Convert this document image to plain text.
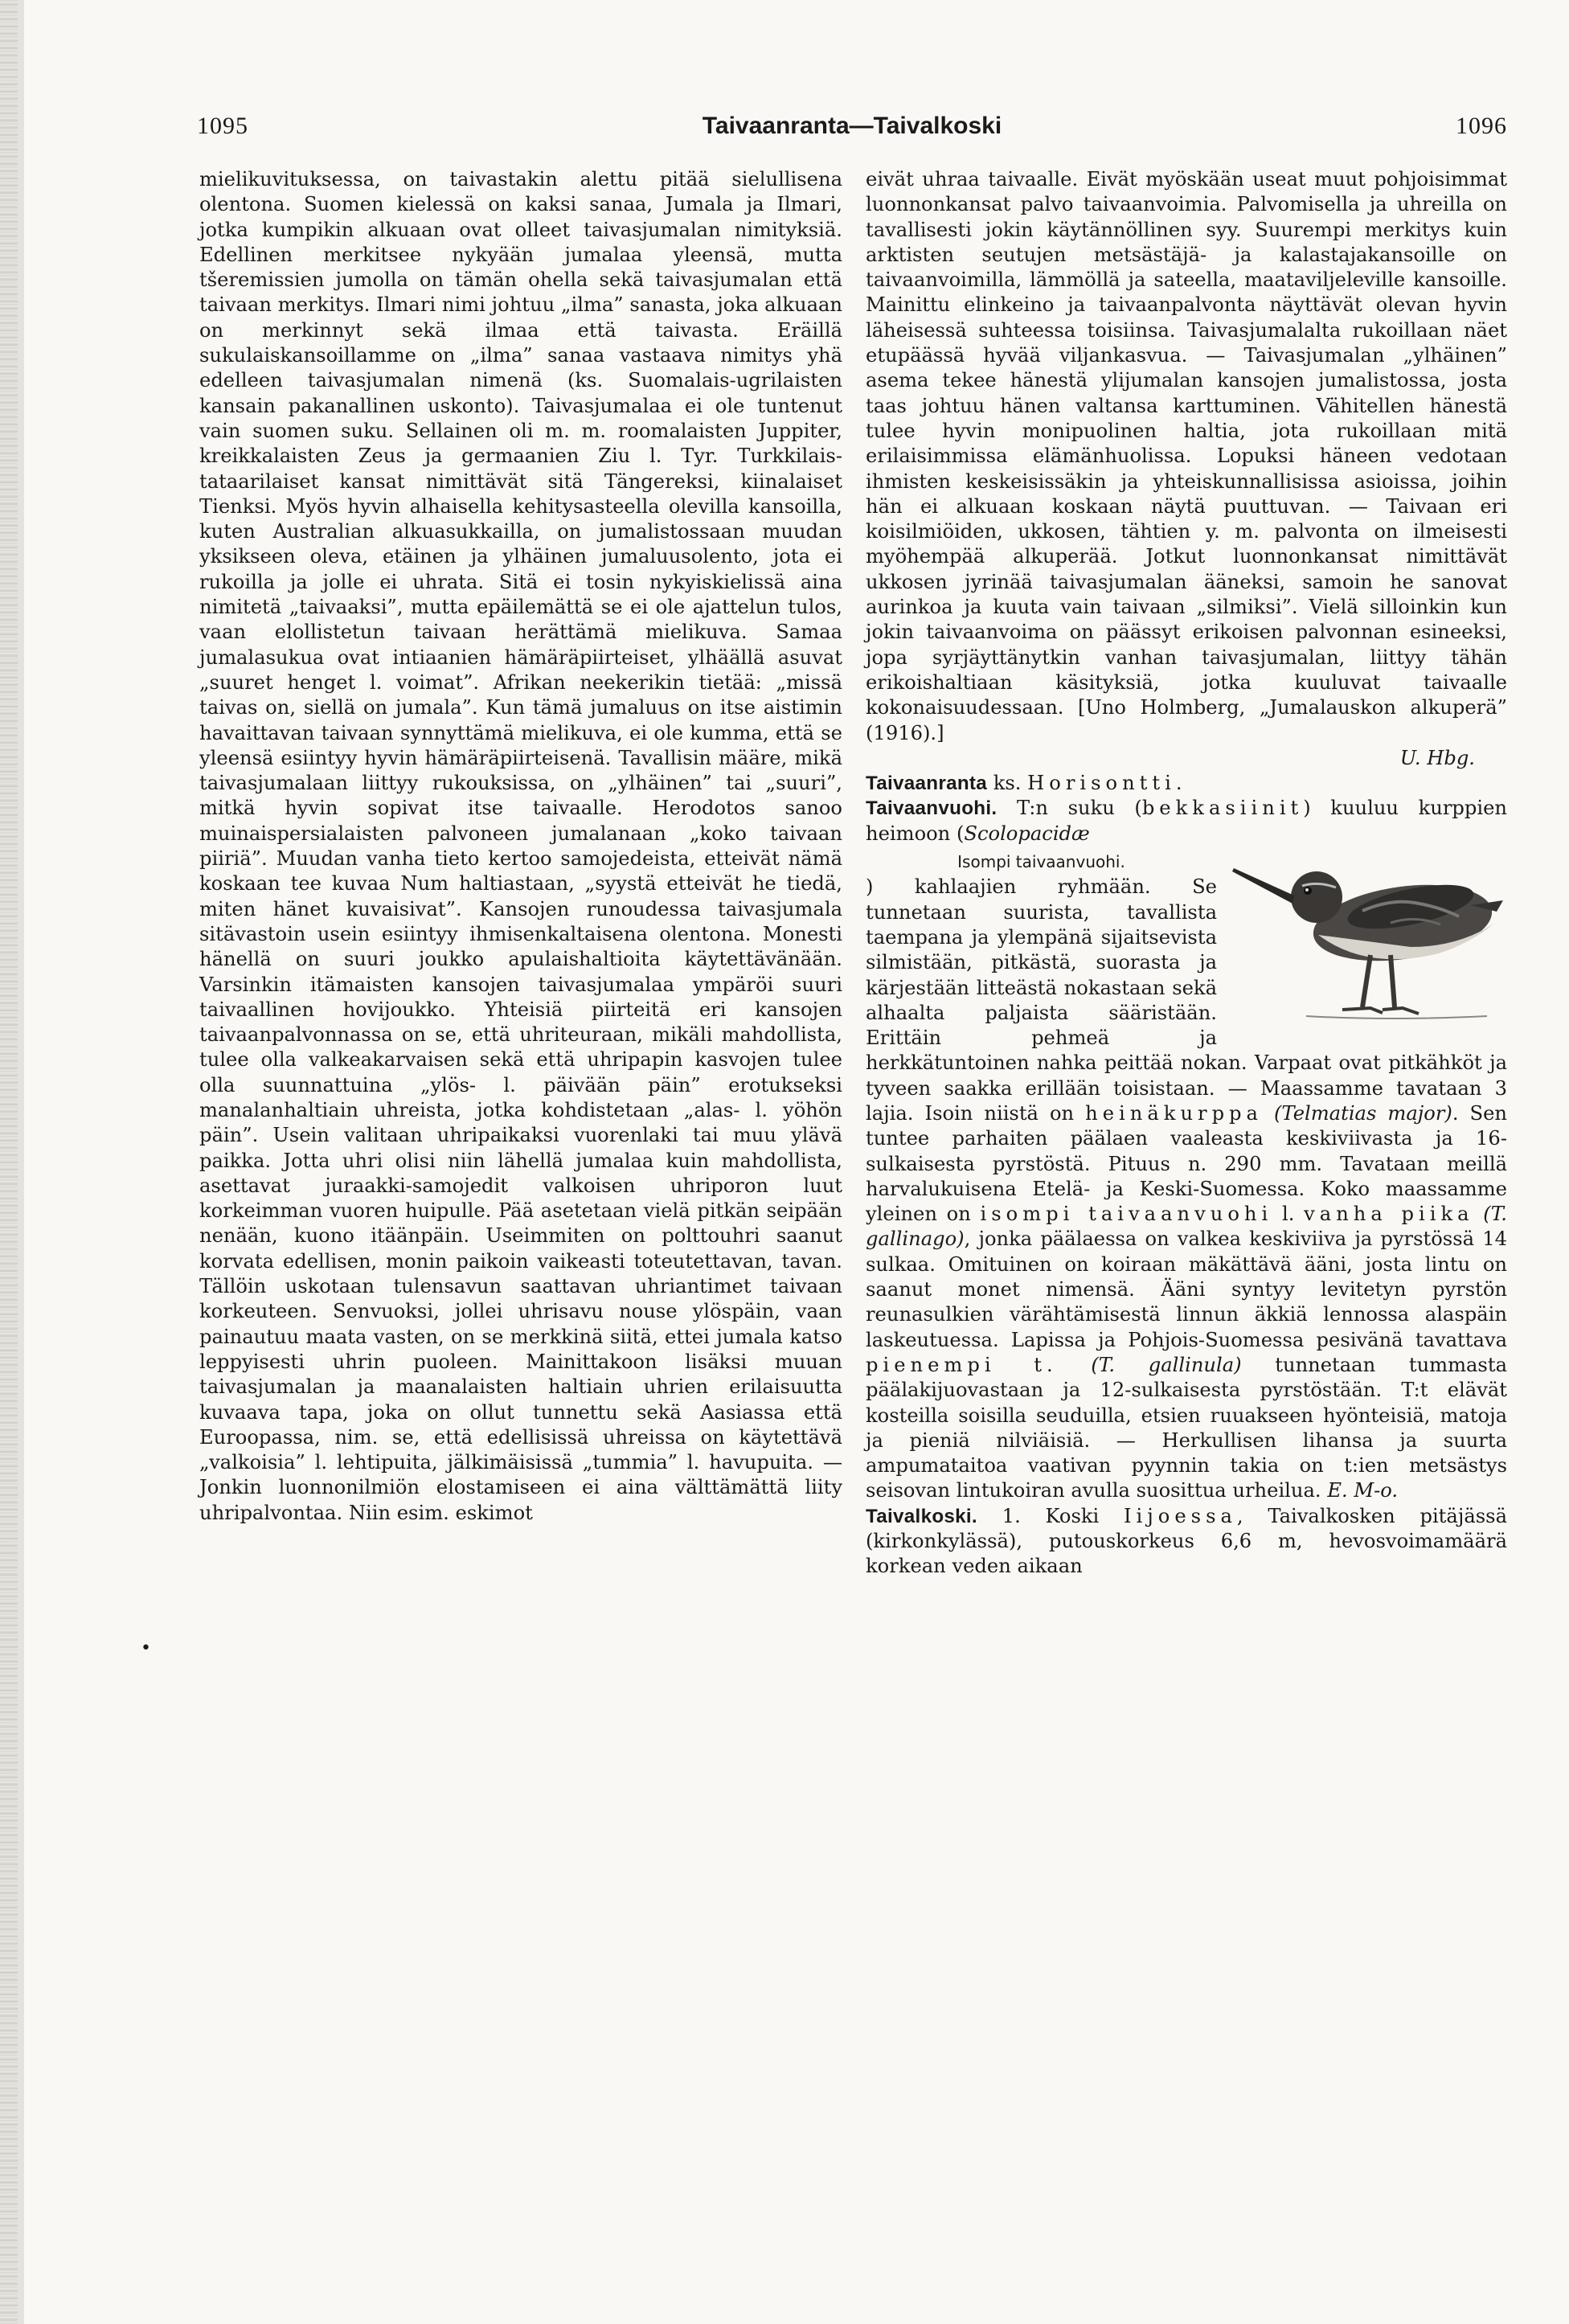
1095	Taivaanranta—Taivalkoski	1096
•

mielikuvituksessa, on taivastakin alettu pitää sielullisena olentona. Suomen kielessä on kaksi sanaa, Jumala ja Ilmari, jotka kumpikin alkuaan ovat olleet taivasjumalan nimityksiä. Edellinen merkitsee nykyään jumalaa yleensä, mutta tšeremissien jumolla on tämän ohella sekä taivasjumalan että taivaan merkitys. Ilmari nimi johtuu „ilma” sanasta, joka alkuaan on merkinnyt sekä ilmaa että taivasta. Eräillä sukulaiskansoillamme on „ilma” sanaa vastaava nimitys yhä edelleen taivasjumalan nimenä (ks. Suomalais-ugrilaisten kansain pakanallinen uskonto). Taivasjumalaa ei ole tuntenut vain suomen suku. Sellainen oli m. m. roomalaisten Juppiter, kreikkalaisten Zeus ja germaanien Ziu l. Tyr. Turkkilais-tataarilaiset kansat nimittävät sitä Tängereksi, kiinalaiset Tienksi. Myös hyvin alhaisella kehitysasteella olevilla kansoilla, kuten Australian alkuasukkailla, on jumalistossaan muudan yksikseen oleva, etäinen ja ylhäinen jumaluusolento, jota ei rukoilla ja jolle ei uhrata. Sitä ei tosin nykyiskielissä aina nimitetä „taivaaksi”, mutta epäilemättä se ei ole ajattelun tulos, vaan elollistetun taivaan herättämä mielikuva. Samaa jumalasukua ovat intiaanien hämäräpiirteiset, ylhäällä asuvat „suuret henget l. voimat”. Afrikan neekerikin tietää: „missä taivas on, siellä on jumala”. Kun tämä jumaluus on itse aistimin havaittavan taivaan synnyttämä mielikuva, ei ole kumma, että se yleensä esiintyy hyvin hämäräpiirteisenä. Tavallisin määre, mikä taivasjumalaan liittyy rukouksissa, on „ylhäinen” tai „suuri”, mitkä hyvin sopivat itse taivaalle. Herodotos sanoo muinaispersialaisten palvoneen jumalanaan „koko taivaan piiriä”. Muudan vanha tieto kertoo samojedeista, etteivät nämä koskaan tee kuvaa Num haltiastaan, „syystä etteivät he tiedä, miten hänet kuvaisivat”. Kansojen runoudessa taivasjumala sitävastoin usein esiintyy ihmisenkaltaisena olentona. Monesti hänellä on suuri joukko apulaishaltioita käytettävänään. Varsinkin itämaisten kansojen taivasjumalaa ympäröi suuri taivaallinen hovijoukko. Yhteisiä piirteitä eri kansojen taivaanpalvonnassa on se, että uhriteuraan, mikäli mahdollista, tulee olla valkeakarvaisen sekä että uhripapin kasvojen tulee olla suunnattuina „ylös- l. päivään päin” erotukseksi manalanhaltiain uhreista, jotka kohdistetaan „alas- l. yöhön päin”. Usein valitaan uhripaikaksi vuorenlaki tai muu ylävä paikka. Jotta uhri olisi niin lähellä jumalaa kuin mahdollista, asettavat juraakki-samojedit valkoisen uhriporon luut korkeimman vuoren huipulle. Pää asetetaan vielä pitkän seipään nenään, kuono itäänpäin. Useimmiten on polttouhri saanut korvata edellisen, monin paikoin vaikeasti toteutettavan, tavan. Tällöin uskotaan tulensavun saattavan uhriantimet taivaan korkeuteen. Senvuoksi, jollei uhrisavu nouse ylöspäin, vaan painautuu maata vasten, on se merkkinä siitä, ettei jumala katso leppyisesti uhrin puoleen. Mainittakoon lisäksi muuan taivasjumalan ja maanalaisten haltiain uhrien erilaisuutta kuvaava tapa, joka on ollut tunnettu sekä Aasiassa että Euroopassa, nim. se, että edellisissä uhreissa on käytettävä „valkoisia” l. lehtipuita, jälkimäisissä „tummia” l. havupuita. — Jonkin luonnonilmiön elostamiseen ei aina välttämättä liity uhripalvontaa. Niin esim. eskimot

eivät uhraa taivaalle. Eivät myöskään useat muut pohjoisimmat luonnonkansat palvo taivaanvoimia. Palvomisella ja uhreilla on tavallisesti jokin käytännöllinen syy. Suurempi merkitys kuin arktisten seutujen metsästäjä- ja kalastajakansoille on taivaanvoimilla, lämmöllä ja sateella, maataviljeleville kansoille. Mainittu elinkeino ja taivaanpalvonta näyttävät olevan hyvin läheisessä suhteessa toisiinsa. Taivasjumalalta rukoillaan näet etupäässä hyvää viljankasvua. — Taivasjumalan „ylhäinen” asema tekee hänestä ylijumalan kansojen jumalistossa, josta taas johtuu hänen valtansa karttuminen. Vähitellen hänestä tulee hyvin monipuolinen haltia, jota rukoillaan mitä erilaisimmissa elämänhuolissa. Lopuksi häneen vedotaan ihmisten keskeisissäkin ja yhteiskunnallisissa asioissa, joihin hän ei alkuaan koskaan näytä puuttuvan. — Taivaan eri koisilmiöiden, ukkosen, tähtien y. m. palvonta on ilmeisesti myöhempää alkuperää. Jotkut luonnonkansat nimittävät ukkosen jyrinää taivasjumalan ääneksi, samoin he sanovat aurinkoa ja kuuta vain taivaan „silmiksi”. Vielä silloinkin kun jokin taivaanvoima on päässyt erikoisen palvonnan esineeksi, jopa syrjäyttänytkin vanhan taivasjumalan, liittyy tähän erikoishaltiaan käsityksiä, jotka kuuluvat taivaalle kokonaisuudessaan. [Uno Holmberg, „Jumalauskon alkuperä” (1916).]

U. Hbg.

Taivaanranta ks. Horisontti.

Taivaanvuohi. T:n suku (bekkasiinit) kuuluu kurppien heimoon (Scolopacidæ

Isompi taivaanvuohi.
) kahlaajien ryhmään. Se tunnetaan suurista, tavallista taempana ja ylempänä sijaitsevista silmistään, pitkästä, suorasta ja kärjestään litteästä nokastaan sekä alhaalta paljaista sääristään. Erittäin pehmeä ja herkkätuntoinen nahka peittää nokan. Varpaat ovat pitkähköt ja tyveen saakka erillään toisistaan. — Maassamme tavataan 3 lajia. Isoin niistä on heinäkurppa (Telmatias major). Sen tuntee parhaiten päälaen vaaleasta keskiviivasta ja 16-sulkaisesta pyrstöstä. Pituus n. 290 mm. Tavataan meillä harvalukuisena Etelä- ja Keski-Suomessa. Koko maassamme yleinen on isompi taivaanvuohi l. vanha piika (T. gallinago), jonka päälaessa on valkea keskiviiva ja pyrstössä 14 sulkaa. Omituinen on koiraan mäkättävä ääni, josta lintu on saanut monet nimensä. Ääni syntyy levitetyn pyrstön reunasulkien värähtämisestä linnun äkkiä lennossa alaspäin laskeutuessa. Lapissa ja Pohjois-Suomessa pesivänä tavattava pienempi t. (T. gallinula) tunnetaan tummasta päälakijuovastaan ja 12-sulkaisesta pyrstöstään. T:t elävät kosteilla soisilla seuduilla, etsien ruuakseen hyönteisiä, matoja ja pieniä nilviäisiä. — Herkullisen lihansa ja suurta ampumataitoa vaativan pyynnin takia on t:ien metsästys seisovan lintukoiran avulla suosittua urheilua. E. M-o.

Taivalkoski. 1. Koski Iijoessa, Taivalkosken pitäjässä (kirkonkylässä), putouskorkeus 6,6 m, hevosvoimamäärä korkean veden aikaan
